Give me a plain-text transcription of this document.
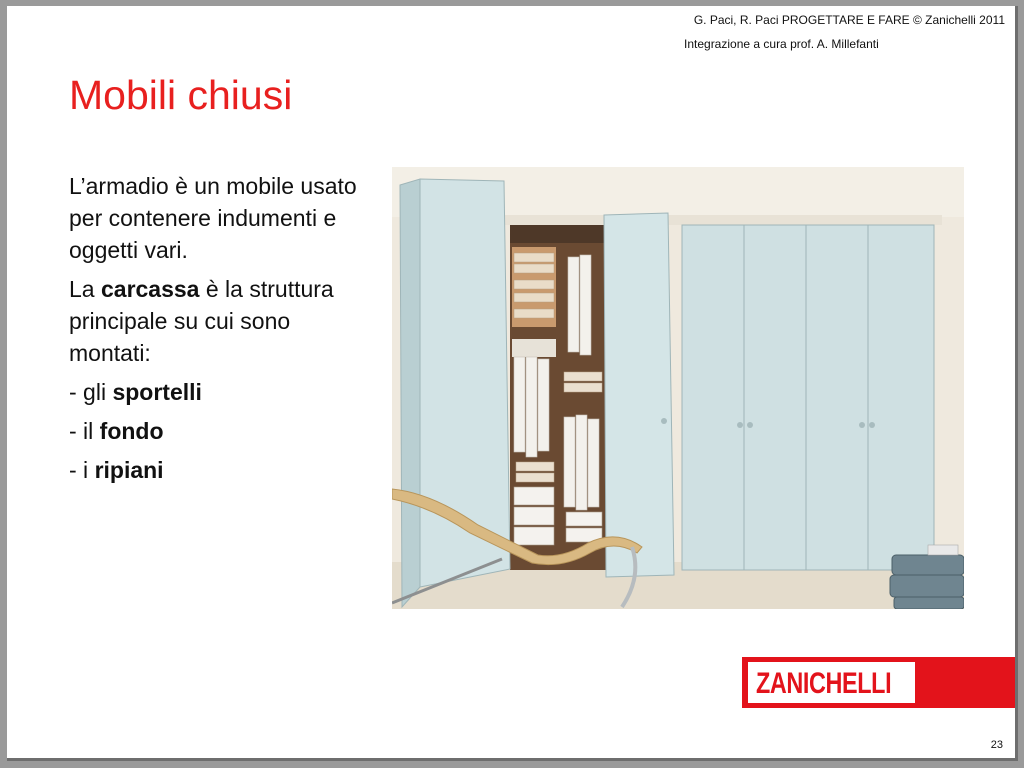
G. Paci, R. Paci PROGETTARE E FARE © Zanichelli 2011
Integrazione a cura prof. A. Millefanti
Mobili chiusi

L’armadio è un mobile usato per contenere indumenti e oggetti vari.

La carcassa è la struttura principale su cui sono montati:

- gli sportelli

- il fondo

- i ripiani

ZANICHELLI
23
